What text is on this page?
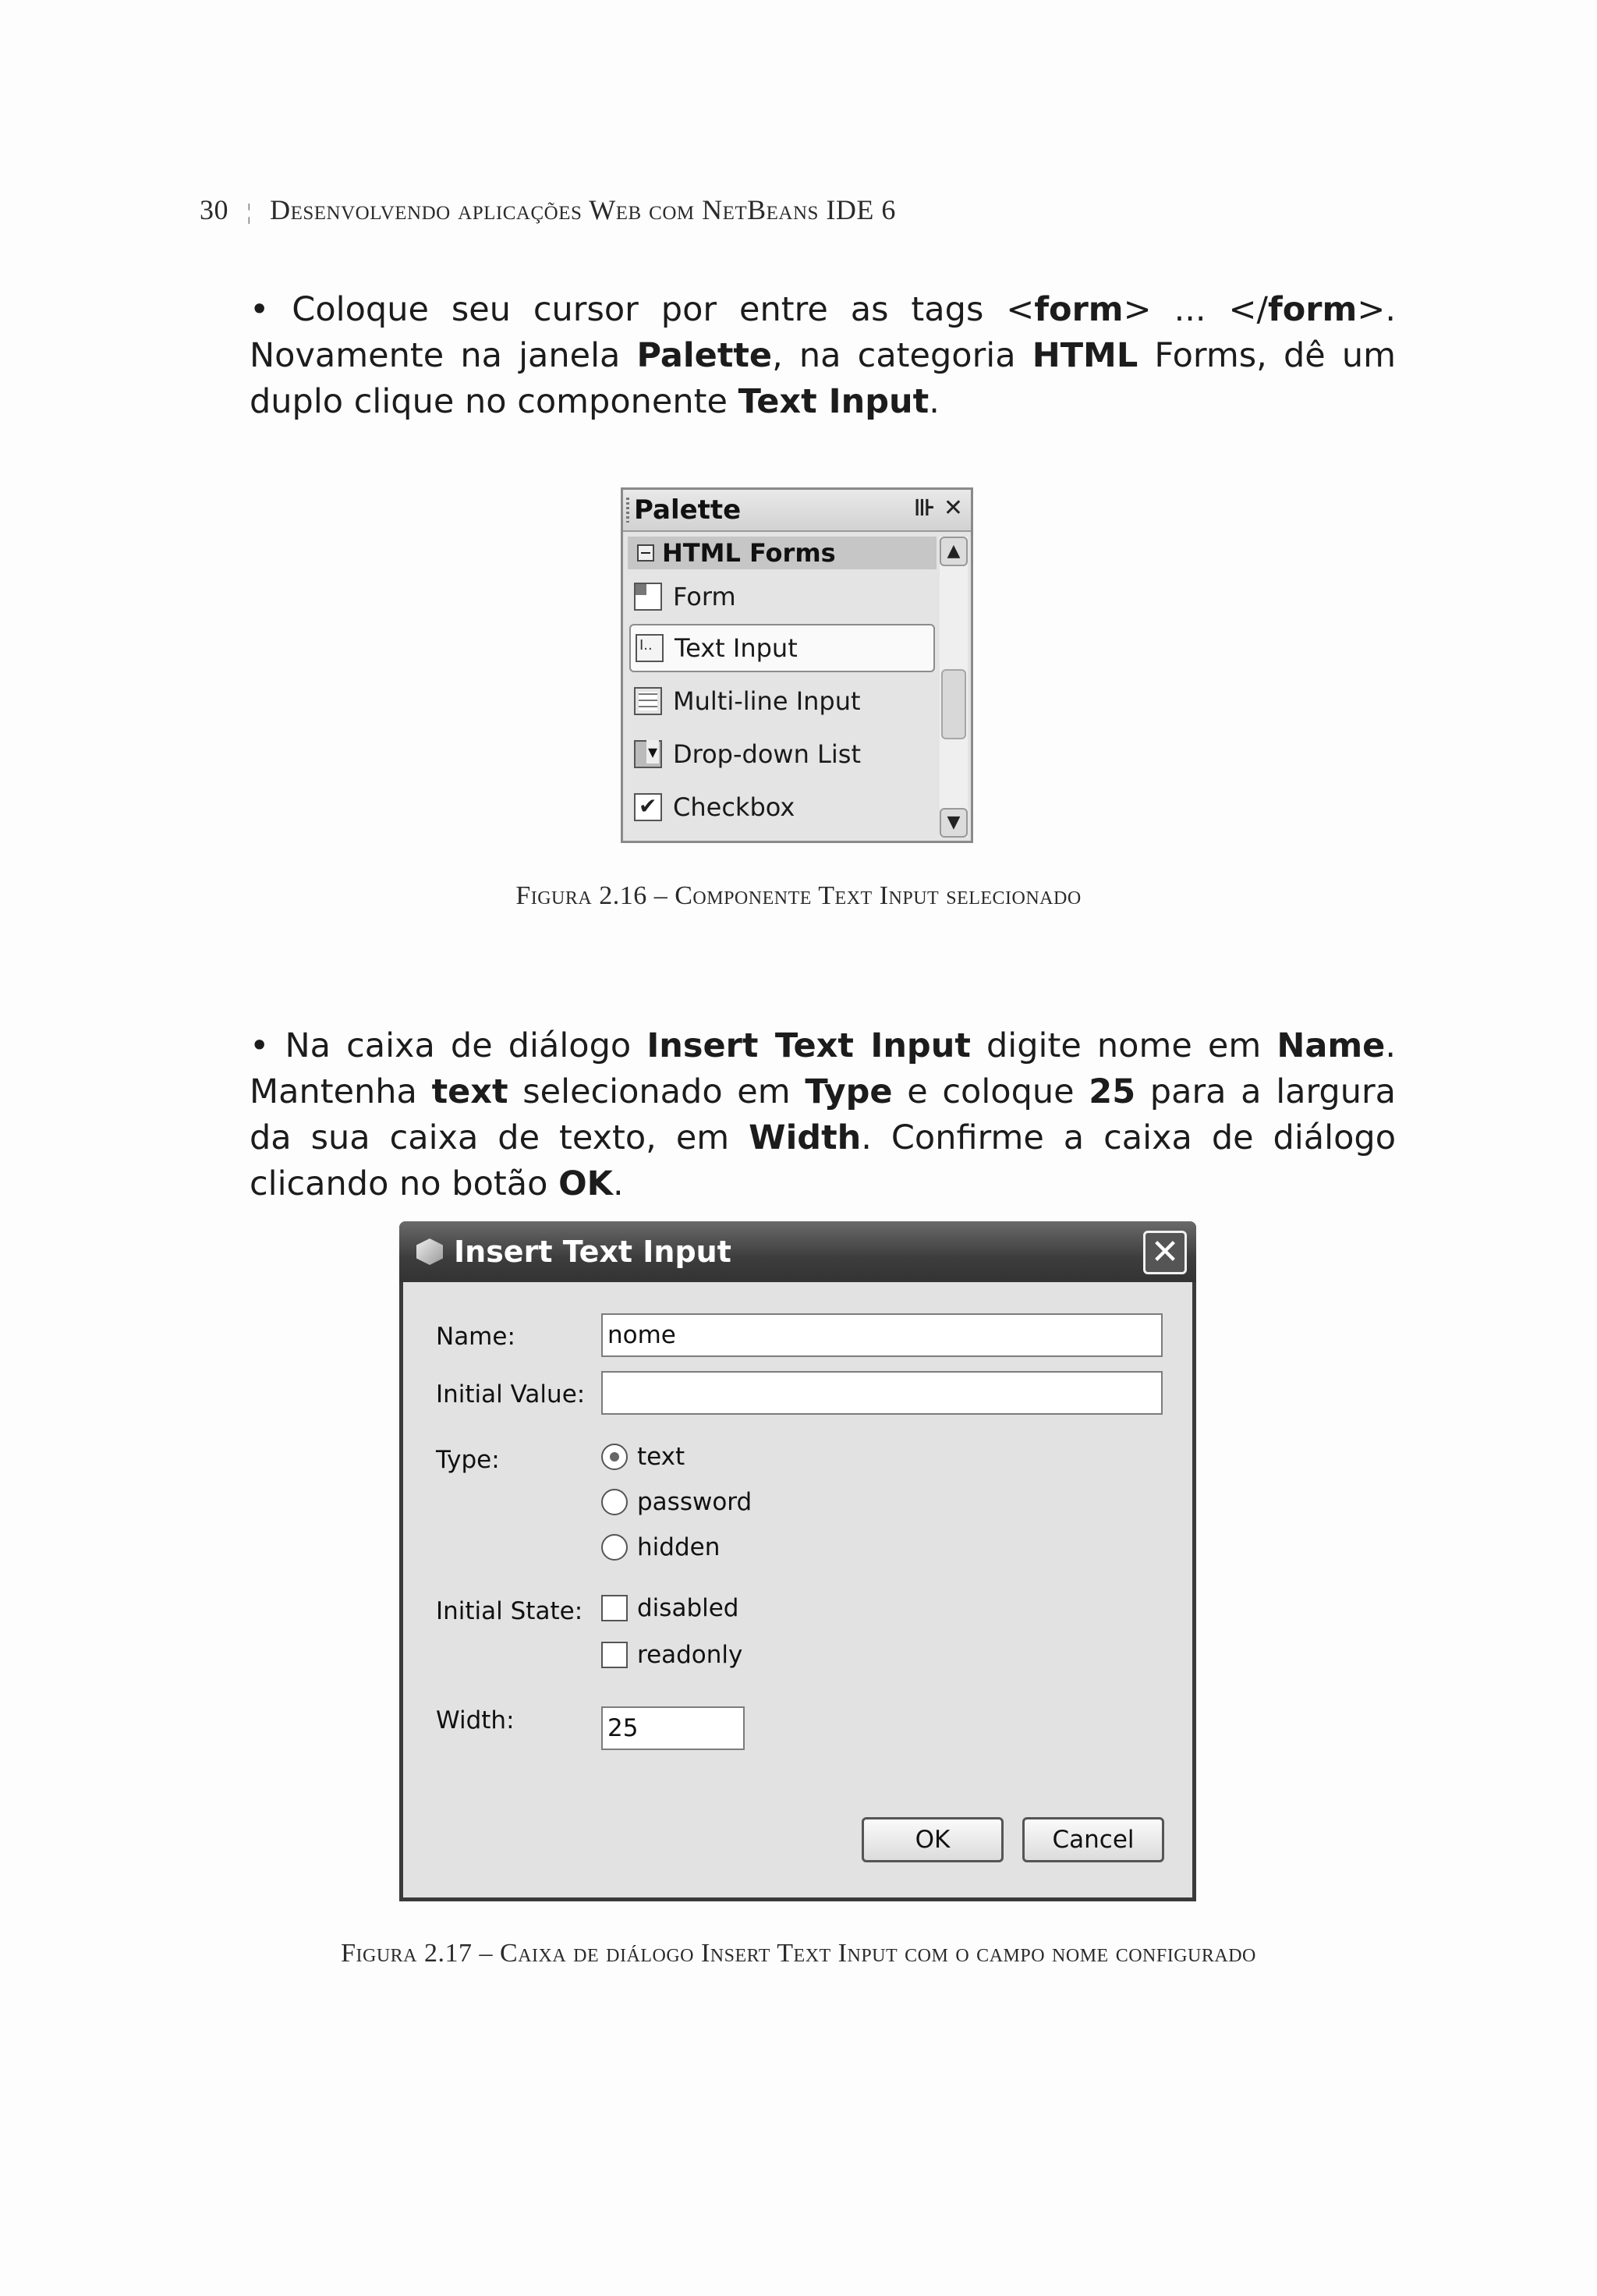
30 ¦ Desenvolvendo aplicações Web com NetBeans IDE 6
• Coloque seu cursor por entre as tags <form> ... </form>. Novamente na janela Palette, na categoria HTML Forms, dê um duplo clique no componente Text Input.
Palette	⊪ ✕
HTML Forms
Form
I..
Text Input
Multi-line Input
▾
Drop-down List
✔
Checkbox
▲
▼
Figura 2.16 – Componente Text Input selecionado
• Na caixa de diálogo Insert Text Input digite nome em Name. Mantenha text selecionado em Type e coloque 25 para a largura da sua caixa de texto, em Width. Confirme a caixa de diálogo clicando no botão OK.
Insert Text Input	✕
Name:	nome
Initial Value:
Type:	text
password
hidden
Initial State: disabled
readonly
Width:	25
OK	Cancel
Figura 2.17 – Caixa de diálogo Insert Text Input com o campo nome configurado
